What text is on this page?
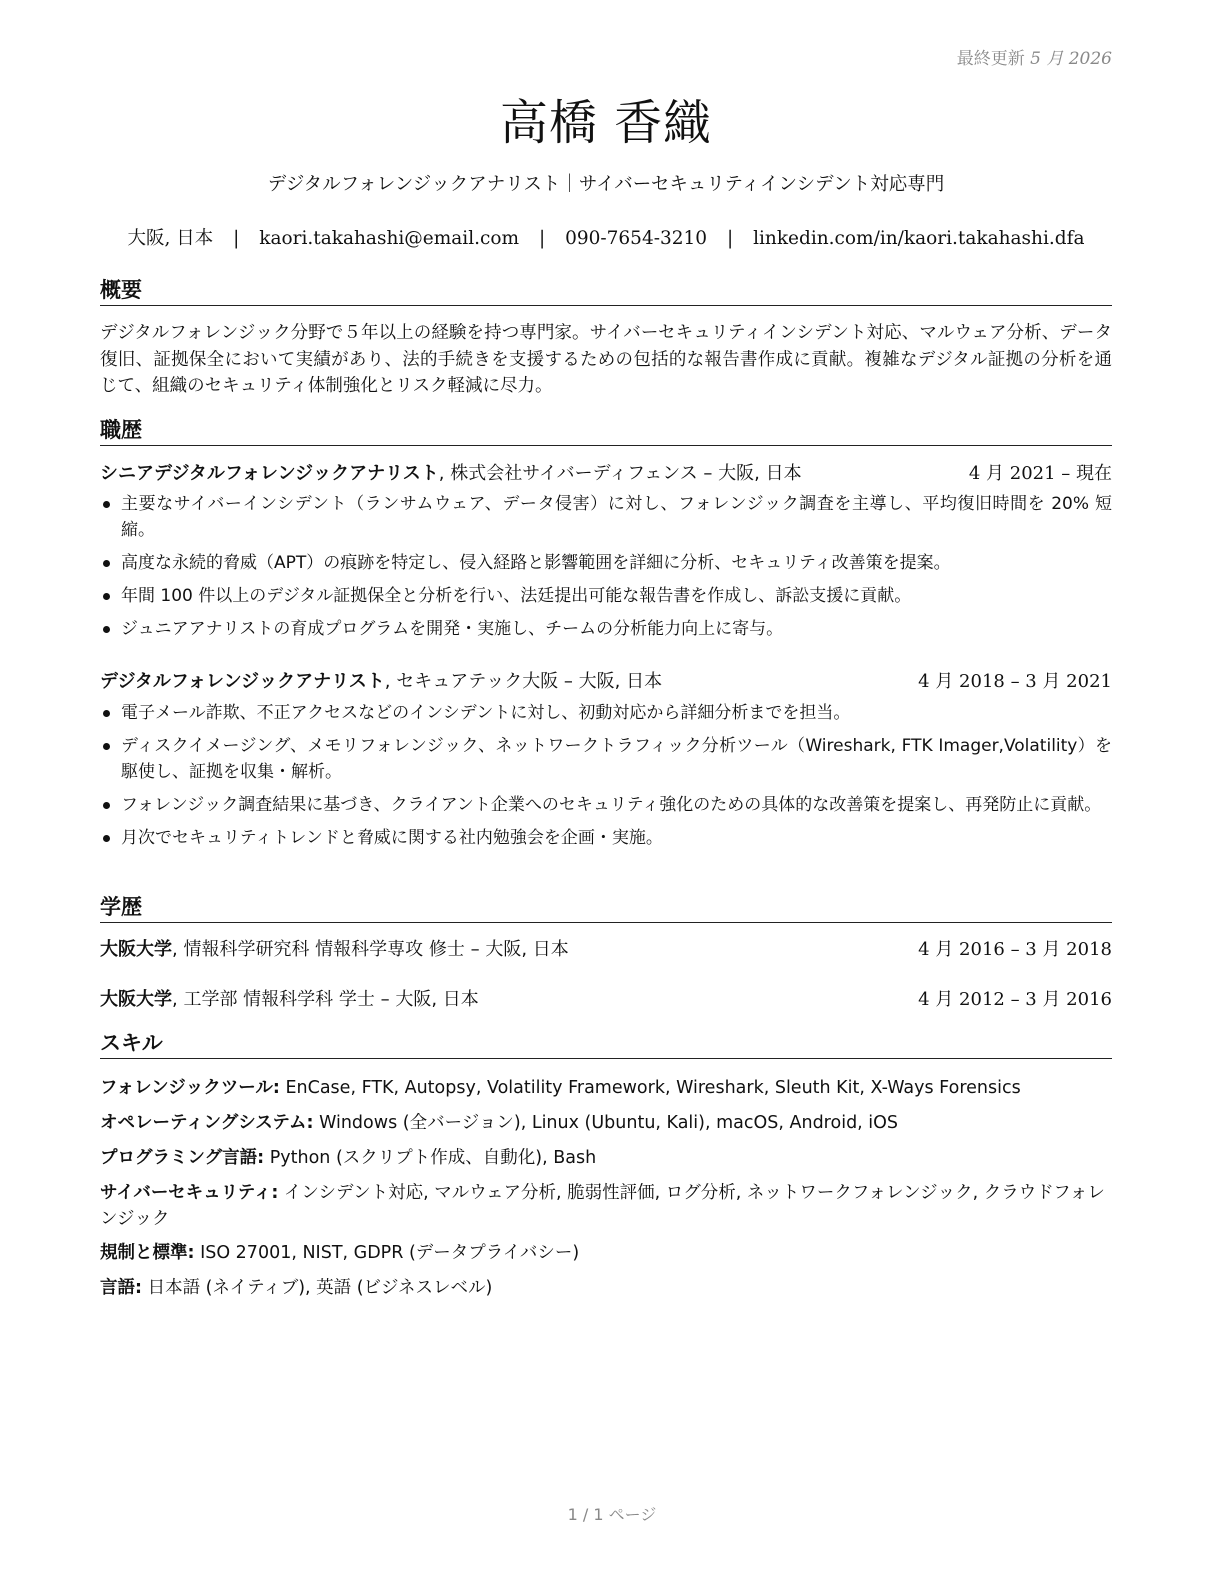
最終更新 5 月 2026
高橋 香織
デジタルフォレンジックアナリスト｜サイバーセキュリティインシデント対応専門
大阪, 日本 | kaori.takahashi@email.com | 090-7654-3210 | linkedin.com/in/kaori.takahashi.dfa
概要
デジタルフォレンジック分野で５年以上の経験を持つ専門家。サイバーセキュリティインシデント対応、マルウェア分析、データ復旧、証拠保全において実績があり、法的手続きを支援するための包括的な報告書作成に貢献。複雑なデジタル証拠の分析を通じて、組織のセキュリティ体制強化とリスク軽減に尽力。
職歴
シニアデジタルフォレンジックアナリスト, 株式会社サイバーディフェンス – 大阪, 日本	4 月 2021 – 現在
主要なサイバーインシデント（ランサムウェア、データ侵害）に対し、フォレンジック調査を主導し、平均復旧時間を 20% 短縮。
高度な永続的脅威（APT）の痕跡を特定し、侵入経路と影響範囲を詳細に分析、セキュリティ改善策を提案。
年間 100 件以上のデジタル証拠保全と分析を行い、法廷提出可能な報告書を作成し、訴訟支援に貢献。
ジュニアアナリストの育成プログラムを開発・実施し、チームの分析能力向上に寄与。
デジタルフォレンジックアナリスト, セキュアテック大阪 – 大阪, 日本	4 月 2018 – 3 月 2021
電子メール詐欺、不正アクセスなどのインシデントに対し、初動対応から詳細分析までを担当。
ディスクイメージング、メモリフォレンジック、ネットワークトラフィック分析ツール（Wireshark, FTK Imager,Volatility）を駆使し、証拠を収集・解析。
フォレンジック調査結果に基づき、クライアント企業へのセキュリティ強化のための具体的な改善策を提案し、再発防止に貢献。
月次でセキュリティトレンドと脅威に関する社内勉強会を企画・実施。
学歴
大阪大学, 情報科学研究科 情報科学専攻 修士 – 大阪, 日本	4 月 2016 – 3 月 2018
大阪大学, 工学部 情報科学科 学士 – 大阪, 日本	4 月 2012 – 3 月 2016
スキル
フォレンジックツール: EnCase, FTK, Autopsy, Volatility Framework, Wireshark, Sleuth Kit, X-Ways Forensics
オペレーティングシステム: Windows (全バージョン), Linux (Ubuntu, Kali), macOS, Android, iOS
プログラミング言語: Python (スクリプト作成、自動化), Bash
サイバーセキュリティ: インシデント対応, マルウェア分析, 脆弱性評価, ログ分析, ネットワークフォレンジック, クラウドフォレンジック
規制と標準: ISO 27001, NIST, GDPR (データプライバシー)
言語: 日本語 (ネイティブ), 英語 (ビジネスレベル)
1 / 1 ページ
